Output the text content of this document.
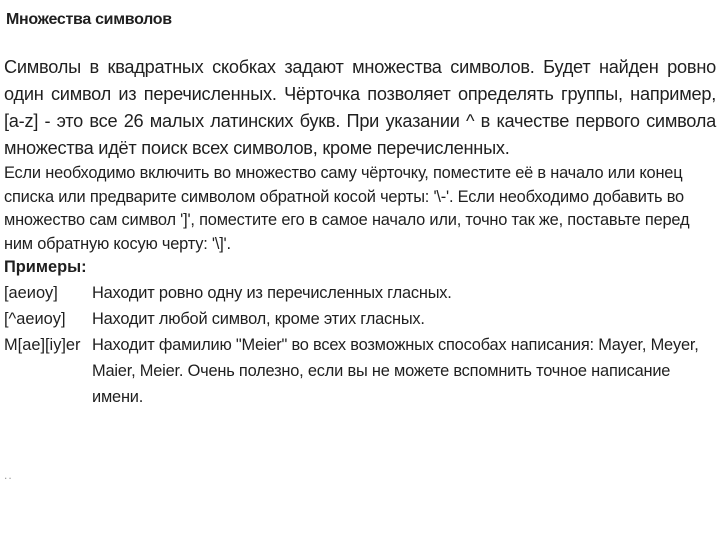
Множества символов

Символы в квадратных скобках задают множества символов. Будет найден ровно один символ из перечисленных. Чёрточка позволяет определять группы, например, [a-z] - это все 26 малых латинских букв. При указании ^ в качестве первого символа множества идёт поиск всех символов, кроме перечисленных.

Если необходимо включить во множество саму чёрточку, поместите её в начало или конец списка или предварите символом обратной косой черты: '\-'. Если необходимо добавить во множество сам символ ']', поместите его в самое начало или, точно так же, поставьте перед ним обратную косую черту: '\]'.

Примеры:
[aeиoy]	Находит ровно одну из перечисленных гласных.
[^aeиoy]	Находит любой символ, кроме этих гласных.
M[ae][iy]er Находит фамилию "Meier" во всех возможных способах написания: Mayer, Meyer, Maier, Meier. Очень полезно, если вы не можете вспомнить точное написание имени.
..
